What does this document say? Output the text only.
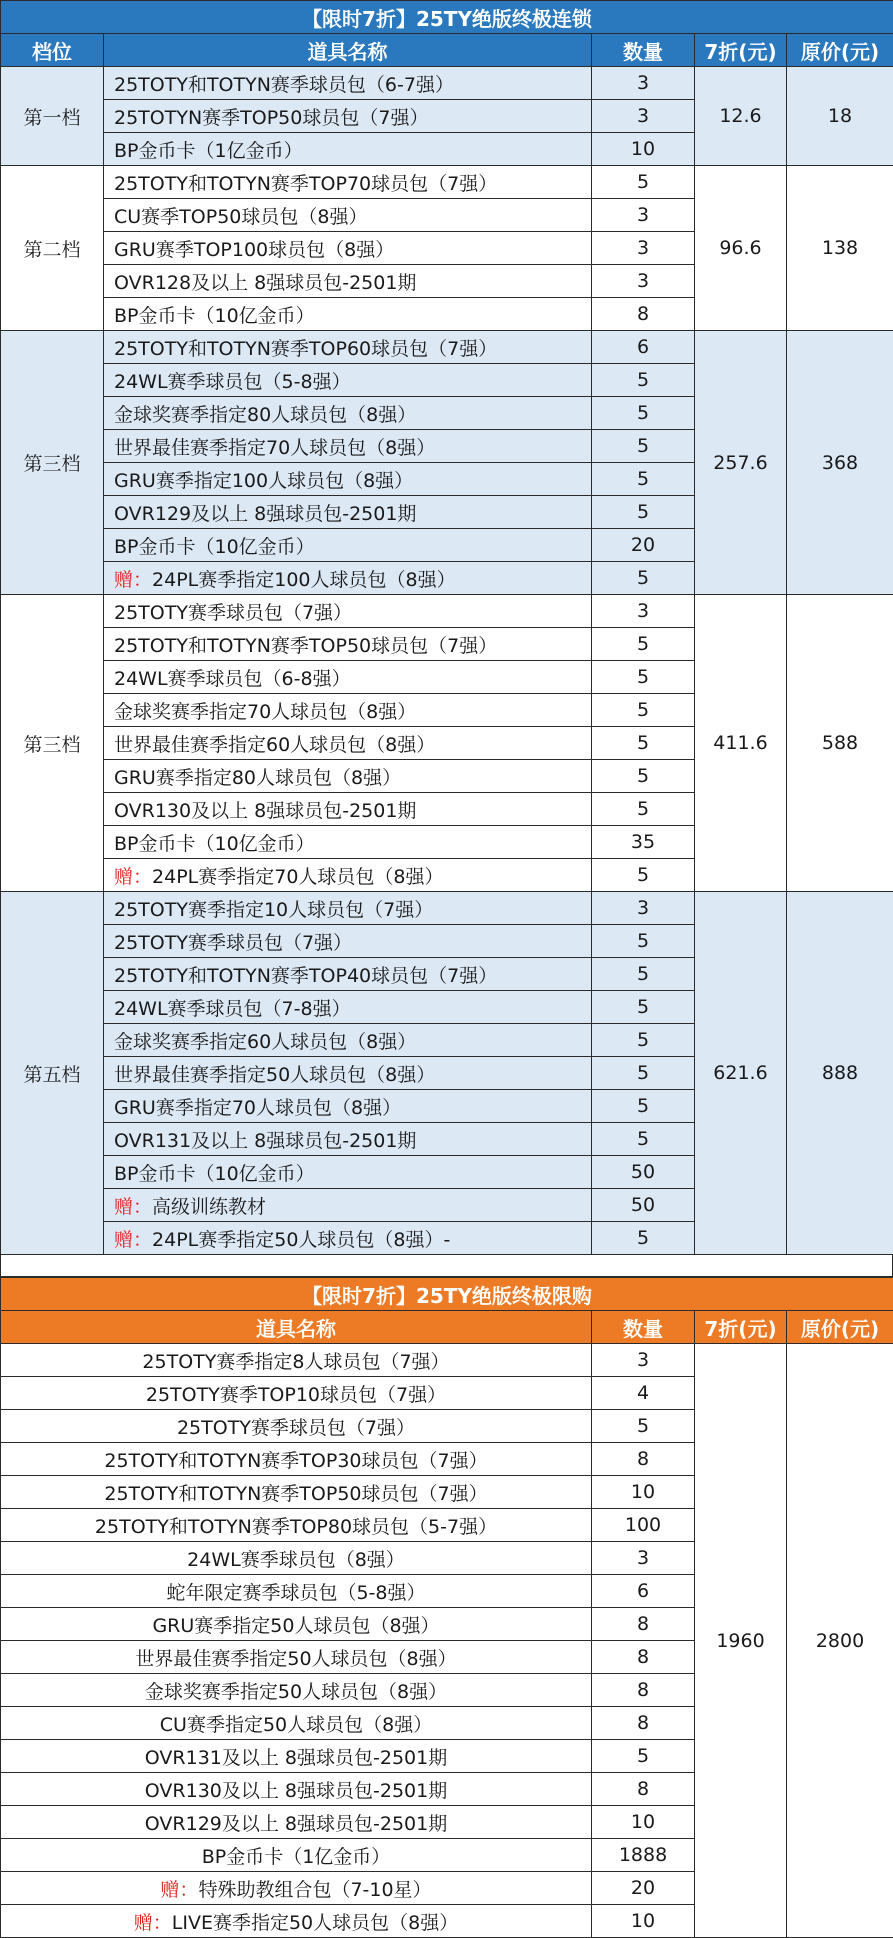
【限时7折】25TY绝版终极连锁				
档位	道具名称	数量	7折(元)	原价(元)
第一档	25TOTY和TOTYN赛季球员包（6-7强）	3	12.6	18
	25TOTYN赛季TOP50球员包（7强）	3		
	BP金币卡（1亿金币）	10		
第二档	25TOTY和TOTYN赛季TOP70球员包（7强）	5	96.6	138
	CU赛季TOP50球员包（8强）	3		
	GRU赛季TOP100球员包（8强）	3		
	OVR128及以上 8强球员包-2501期	3		
	BP金币卡（10亿金币）	8		
第三档	25TOTY和TOTYN赛季TOP60球员包（7强）	6	257.6	368
	24WL赛季球员包（5-8强）	5		
	金球奖赛季指定80人球员包（8强）	5		
	世界最佳赛季指定70人球员包（8强）	5		
	GRU赛季指定100人球员包（8强）	5		
	OVR129及以上 8强球员包-2501期	5		
	BP金币卡（10亿金币）	20		
	赠：24PL赛季指定100人球员包（8强）	5		
第三档	25TOTY赛季球员包（7强）	3	411.6	588
	25TOTY和TOTYN赛季TOP50球员包（7强）	5		
	24WL赛季球员包（6-8强）	5		
	金球奖赛季指定70人球员包（8强）	5		
	世界最佳赛季指定60人球员包（8强）	5		
	GRU赛季指定80人球员包（8强）	5		
	OVR130及以上 8强球员包-2501期	5		
	BP金币卡（10亿金币）	35		
	赠：24PL赛季指定70人球员包（8强）	5		
第五档	25TOTY赛季指定10人球员包（7强）	3	621.6	888
	25TOTY赛季球员包（7强）	5		
	25TOTY和TOTYN赛季TOP40球员包（7强）	5		
	24WL赛季球员包（7-8强）	5		
	金球奖赛季指定60人球员包（8强）	5		
	世界最佳赛季指定50人球员包（8强）	5		
	GRU赛季指定70人球员包（8强）	5		
	OVR131及以上 8强球员包-2501期	5		
	BP金币卡（10亿金币）	50		
	赠：高级训练教材	50		
	赠：24PL赛季指定50人球员包（8强）-	5		
【限时7折】25TY绝版终极限购			
道具名称	数量	7折(元)	原价(元)
25TOTY赛季指定8人球员包（7强）	3	1960	2800
25TOTY赛季TOP10球员包（7强）	4		
25TOTY赛季球员包（7强）	5		
25TOTY和TOTYN赛季TOP30球员包（7强）	8		
25TOTY和TOTYN赛季TOP50球员包（7强）	10		
25TOTY和TOTYN赛季TOP80球员包（5-7强）	100		
24WL赛季球员包（8强）	3		
蛇年限定赛季球员包（5-8强）	6		
GRU赛季指定50人球员包（8强）	8		
世界最佳赛季指定50人球员包（8强）	8		
金球奖赛季指定50人球员包（8强）	8		
CU赛季指定50人球员包（8强）	8		
OVR131及以上 8强球员包-2501期	5		
OVR130及以上 8强球员包-2501期	8		
OVR129及以上 8强球员包-2501期	10		
BP金币卡（1亿金币）	1888		
赠：特殊助教组合包（7-10星）	20		
赠：LIVE赛季指定50人球员包（8强）	10		
